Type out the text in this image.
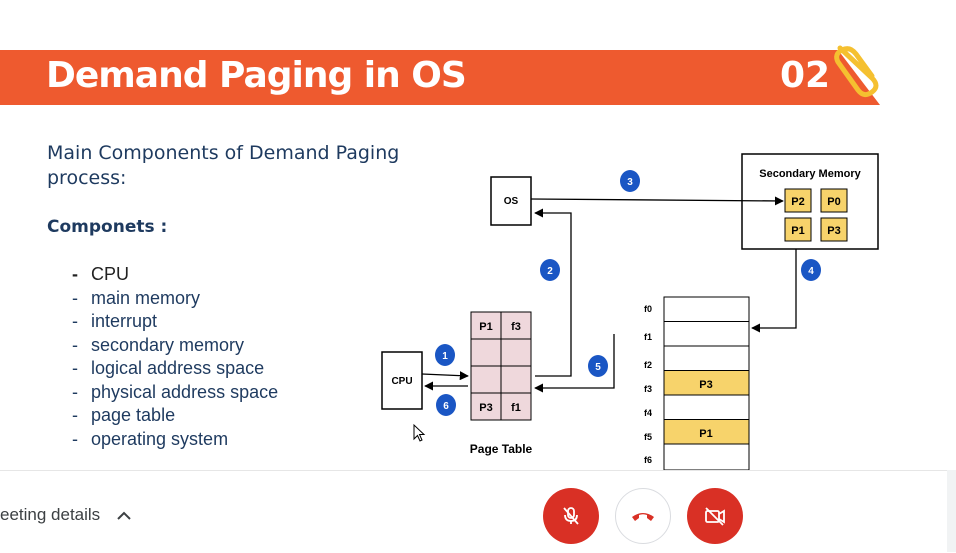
Demand Paging in OS	02
Main Components of Demand Paging process:
Componets :
- CPU
- main memory
- interrupt
- secondary memory
- logical address space
- physical address space
- page table
- operating system
OS
Secondary Memory
P2 P0
P1 P3
CPU
P1 f3
P3 f1
Page Table
P3
P1
f0
f1
f2
f3
f4
f5
f6
1
2
3
4
5
6
eeting details
